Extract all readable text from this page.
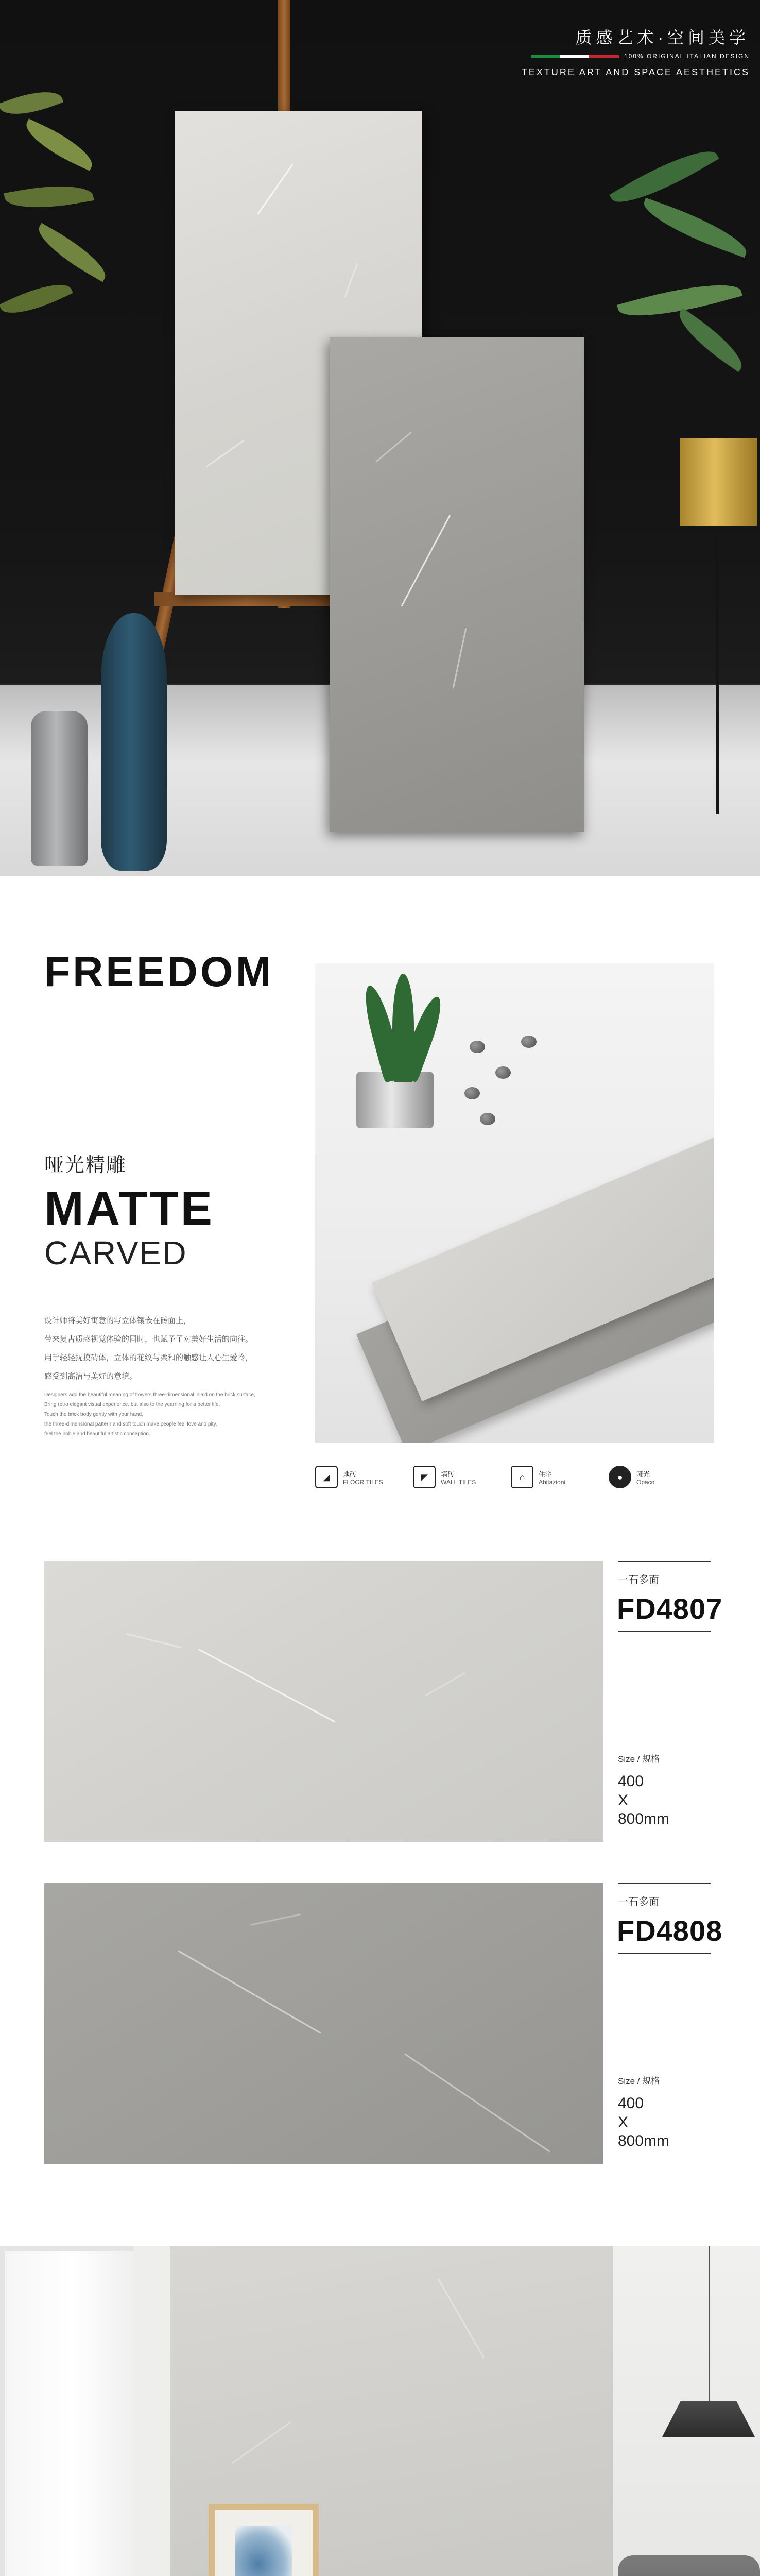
质感艺术·空间美学
100% ORIGINAL ITALIAN DESIGN
TEXTURE ART AND SPACE AESTHETICS
FREEDOM
哑光精雕
MATTE
CARVED

设计师将美好寓意的写立体镶嵌在砖面上，

带来复古质感视觉体验的同时，也赋予了对美好生活的向往。

用手轻轻抚摸砖体，立体的花纹与柔和的触感让人心生爱怜，

感受到高洁与美好的意境。

Designers add the beautiful meaning of flowers three-dimensional inlaid on the brick surface,

Bring retro elegant visual experience, but also to the yearning for a better life.

Touch the brick body gently with your hand,

the three-dimensional pattern and soft touch make people feel love and pity,

feel the noble and beautiful artistic conception.

◢	地砖
FLOOR TILES	◤	墙砖
WALL TILES	⌂	住宅
Abitazioni	●	哑光
Opaco
一石多面
FD4807
Size / 规格
400
X
800mm
一石多面
FD4808
Size / 规格
400
X
800mm
